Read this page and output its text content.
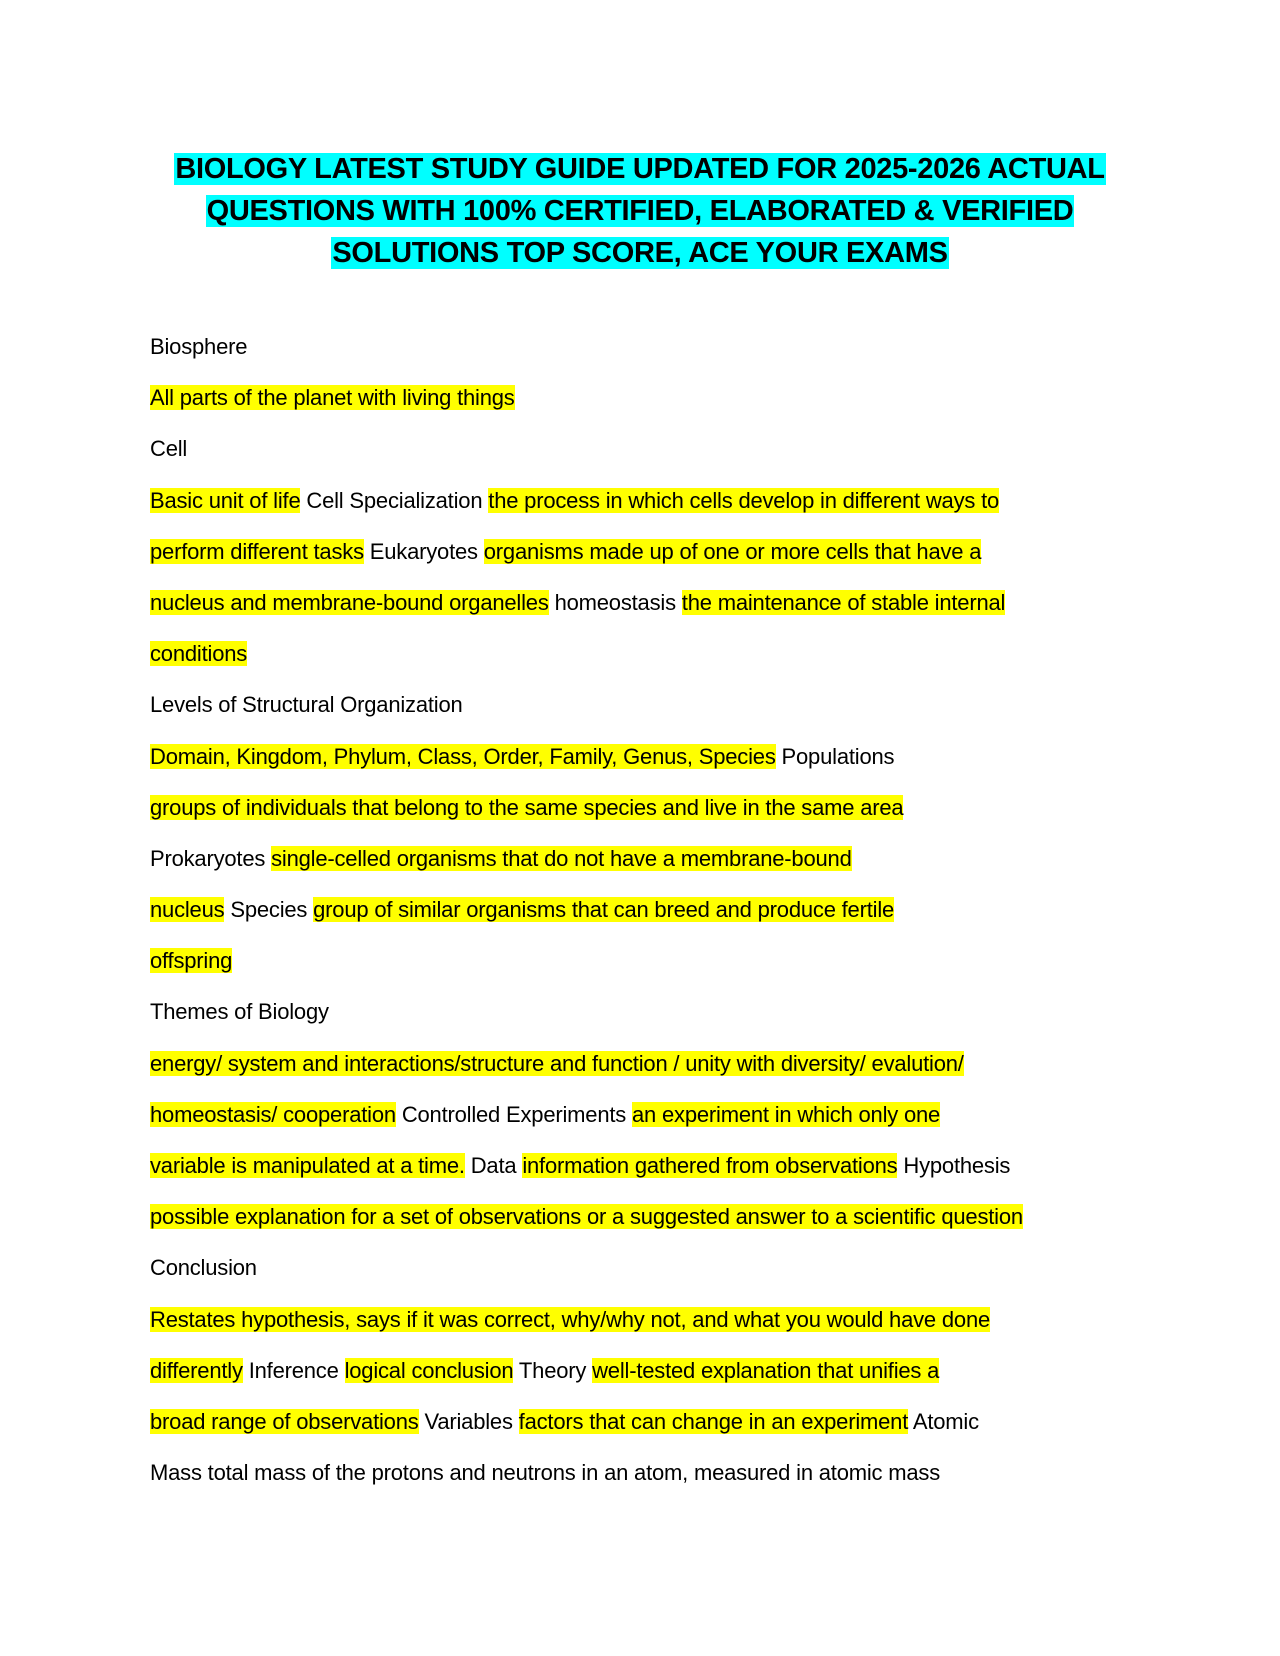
BIOLOGY LATEST STUDY GUIDE UPDATED FOR 2025-2026 ACTUAL
QUESTIONS WITH 100% CERTIFIED, ELABORATED & VERIFIED
SOLUTIONS TOP SCORE, ACE YOUR EXAMS
Biosphere
All parts of the planet with living things
Cell
Basic unit of life Cell Specialization the process in which cells develop in different ways to
perform different tasks Eukaryotes organisms made up of one or more cells that have a
nucleus and membrane-bound organelles homeostasis the maintenance of stable internal
conditions
Levels of Structural Organization
Domain, Kingdom, Phylum, Class, Order, Family, Genus, Species Populations
groups of individuals that belong to the same species and live in the same area
Prokaryotes single-celled organisms that do not have a membrane-bound
nucleus Species group of similar organisms that can breed and produce fertile
offspring
Themes of Biology
energy/ system and interactions/structure and function / unity with diversity/ evalution/
homeostasis/ cooperation Controlled Experiments an experiment in which only one
variable is manipulated at a time. Data information gathered from observations Hypothesis
possible explanation for a set of observations or a suggested answer to a scientific question
Conclusion
Restates hypothesis, says if it was correct, why/why not, and what you would have done
differently Inference logical conclusion Theory well-tested explanation that unifies a
broad range of observations Variables factors that can change in an experiment Atomic
Mass total mass of the protons and neutrons in an atom, measured in atomic mass
